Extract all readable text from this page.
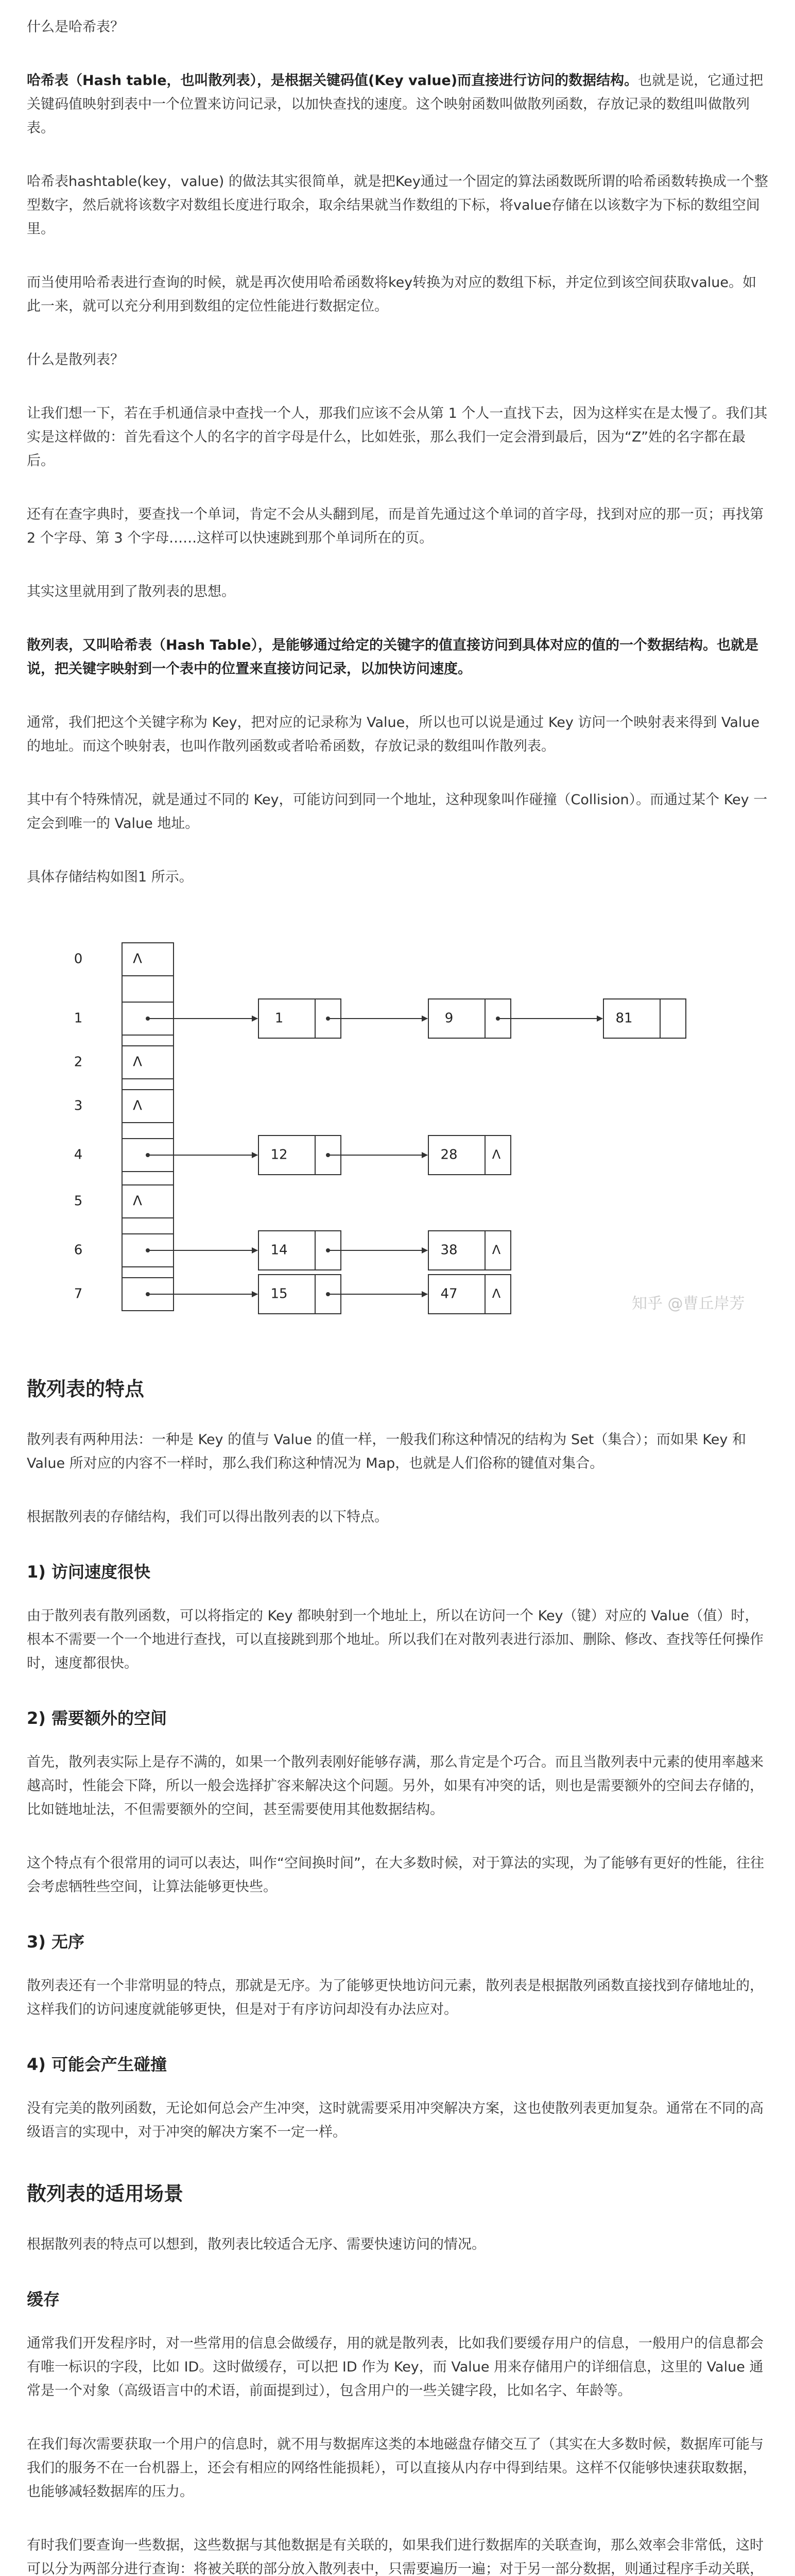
什么是哈希表？

哈希表（Hash table，也叫散列表），是根据关键码值(Key value)而直接进行访问的数据结构。也就是说，它通过把关键码值映射到表中一个位置来访问记录，以加快查找的速度。这个映射函数叫做散列函数，存放记录的数组叫做散列表。

哈希表hashtable(key，value) 的做法其实很简单，就是把Key通过一个固定的算法函数既所谓的哈希函数转换成一个整型数字，然后就将该数字对数组长度进行取余，取余结果就当作数组的下标，将value存储在以该数字为下标的数组空间里。

而当使用哈希表进行查询的时候，就是再次使用哈希函数将key转换为对应的数组下标，并定位到该空间获取value。如此一来，就可以充分利用到数组的定位性能进行数据定位。

什么是散列表？

让我们想一下，若在手机通信录中查找一个人，那我们应该不会从第 1 个人一直找下去，因为这样实在是太慢了。我们其实是这样做的：首先看这个人的名字的首字母是什么，比如姓张，那么我们一定会滑到最后，因为“Z”姓的名字都在最后。

还有在查字典时，要查找一个单词，肯定不会从头翻到尾，而是首先通过这个单词的首字母，找到对应的那一页；再找第 2 个字母、第 3 个字母……这样可以快速跳到那个单词所在的页。

其实这里就用到了散列表的思想。

散列表，又叫哈希表（Hash Table），是能够通过给定的关键字的值直接访问到具体对应的值的一个数据结构。也就是说，把关键字映射到一个表中的位置来直接访问记录，以加快访问速度。

通常，我们把这个关键字称为 Key，把对应的记录称为 Value，所以也可以说是通过 Key 访问一个映射表来得到 Value 的地址。而这个映射表，也叫作散列函数或者哈希函数，存放记录的数组叫作散列表。

其中有个特殊情况，就是通过不同的 Key，可能访问到同一个地址，这种现象叫作碰撞（Collision）。而通过某个 Key 一定会到唯一的 Value 地址。

具体存储结构如图1 所示。

0	Λ
1	1	9	81
2	Λ
3	Λ
4	12	28	Λ
5	Λ
6	14	38	Λ
7	15	47	Λ
知乎 @曹丘岸芳
散列表的特点

散列表有两种用法：一种是 Key 的值与 Value 的值一样，一般我们称这种情况的结构为 Set（集合）；而如果 Key 和 Value 所对应的内容不一样时，那么我们称这种情况为 Map，也就是人们俗称的键值对集合。

根据散列表的存储结构，我们可以得出散列表的以下特点。

1) 访问速度很快

由于散列表有散列函数，可以将指定的 Key 都映射到一个地址上，所以在访问一个 Key（键）对应的 Value（值）时，根本不需要一个一个地进行查找，可以直接跳到那个地址。所以我们在对散列表进行添加、删除、修改、查找等任何操作时，速度都很快。

2) 需要额外的空间

首先，散列表实际上是存不满的，如果一个散列表刚好能够存满，那么肯定是个巧合。而且当散列表中元素的使用率越来越高时，性能会下降，所以一般会选择扩容来解决这个问题。另外，如果有冲突的话，则也是需要额外的空间去存储的，比如链地址法，不但需要额外的空间，甚至需要使用其他数据结构。

这个特点有个很常用的词可以表达，叫作“空间换时间”，在大多数时候，对于算法的实现，为了能够有更好的性能，往往会考虑牺牲些空间，让算法能够更快些。

3) 无序

散列表还有一个非常明显的特点，那就是无序。为了能够更快地访问元素，散列表是根据散列函数直接找到存储地址的，这样我们的访问速度就能够更快，但是对于有序访问却没有办法应对。

4) 可能会产生碰撞

没有完美的散列函数，无论如何总会产生冲突，这时就需要采用冲突解决方案，这也使散列表更加复杂。通常在不同的高级语言的实现中，对于冲突的解决方案不一定一样。

散列表的适用场景

根据散列表的特点可以想到，散列表比较适合无序、需要快速访问的情况。

缓存

通常我们开发程序时，对一些常用的信息会做缓存，用的就是散列表，比如我们要缓存用户的信息，一般用户的信息都会有唯一标识的字段，比如 ID。这时做缓存，可以把 ID 作为 Key，而 Value 用来存储用户的详细信息，这里的 Value 通常是一个对象（高级语言中的术语，前面提到过），包含用户的一些关键字段，比如名字、年龄等。

在我们每次需要获取一个用户的信息时，就不用与数据库这类的本地磁盘存储交互了（其实在大多数时候，数据库可能与我们的服务不在一台机器上，还会有相应的网络性能损耗），可以直接从内存中得到结果。这样不仅能够快速获取数据，也能够减轻数据库的压力。

有时我们要查询一些数据，这些数据与其他数据是有关联的，如果我们进行数据库的关联查询，那么效率会非常低，这时可以分为两部分进行查询：将被关联的部分放入散列表中，只需要遍历一遍；对于另一部分数据，则通过程序手动关联，
